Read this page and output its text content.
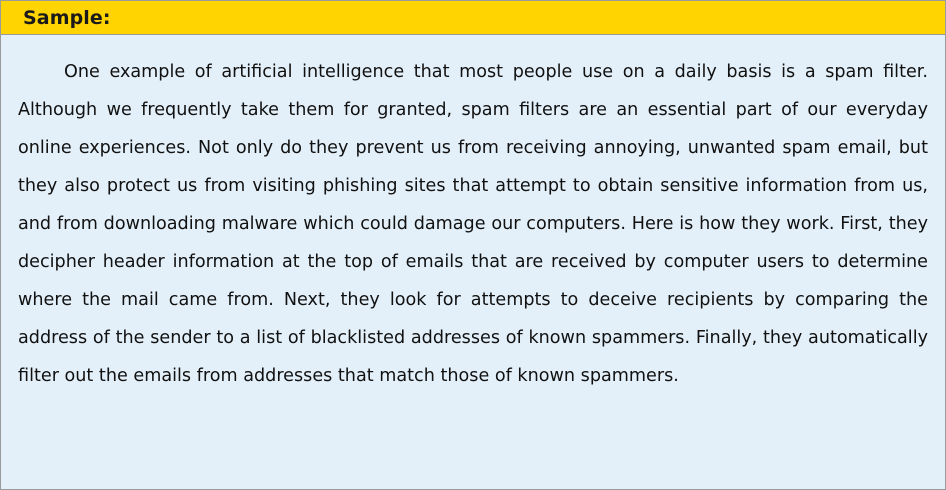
Sample:

One example of artificial intelligence that most people use on a daily basis is a spam filter. Although we frequently take them for granted, spam filters are an essential part of our everyday online experiences. Not only do they prevent us from receiving annoying, unwanted spam email, but they also protect us from visiting phishing sites that attempt to obtain sensitive information from us, and from downloading malware which could damage our computers. Here is how they work. First, they decipher header information at the top of emails that are received by computer users to determine where the mail came from. Next, they look for attempts to deceive recipients by comparing the address of the sender to a list of blacklisted addresses of known spammers. Finally, they automatically filter out the emails from addresses that match those of known spammers.
